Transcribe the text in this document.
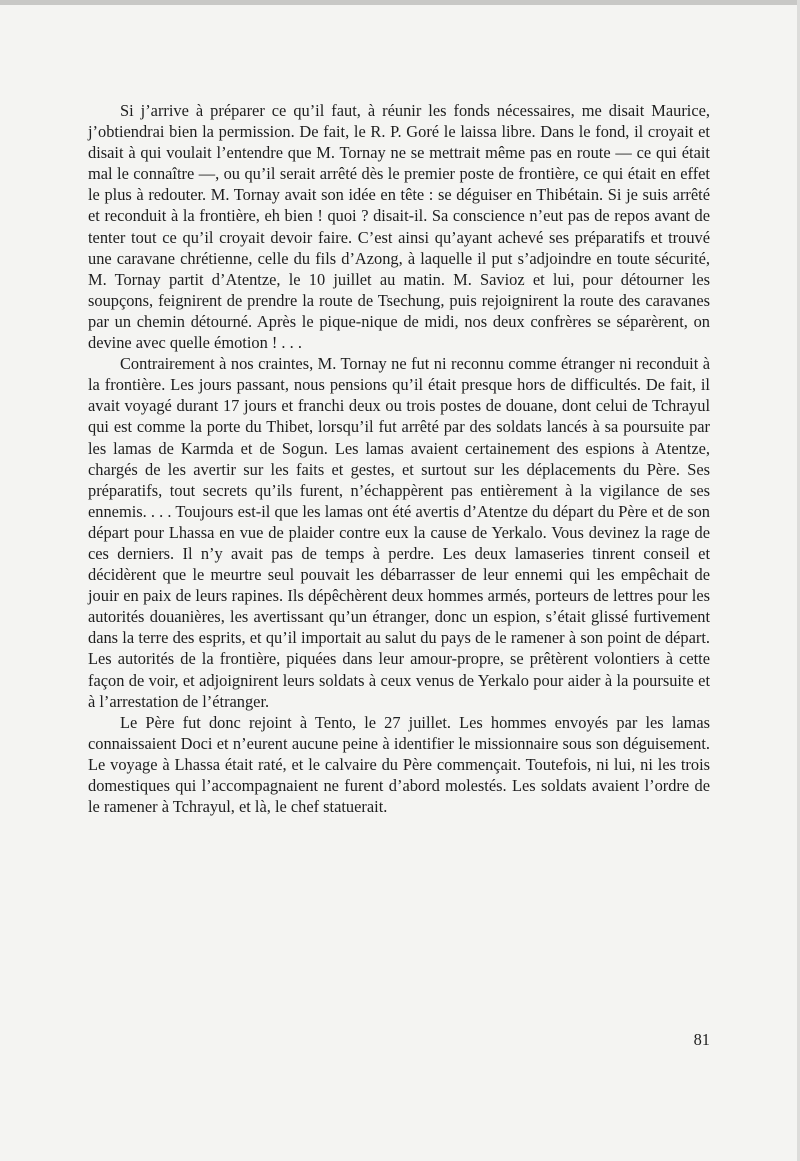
Si j’arrive à préparer ce qu’il faut, à réunir les fonds nécessaires, me disait Maurice, j’obtiendrai bien la permission. De fait, le R. P. Goré le laissa libre. Dans le fond, il croyait et disait à qui voulait l’entendre que M. Tornay ne se mettrait même pas en route — ce qui était mal le connaître —, ou qu’il serait arrêté dès le premier poste de frontière, ce qui était en effet le plus à redouter. M. Tornay avait son idée en tête : se déguiser en Thibétain. Si je suis arrêté et reconduit à la frontière, eh bien ! quoi ? disait-il. Sa conscience n’eut pas de repos avant de tenter tout ce qu’il croyait devoir faire. C’est ainsi qu’ayant achevé ses préparatifs et trouvé une caravane chrétienne, celle du fils d’Azong, à laquelle il put s’adjoindre en toute sécurité, M. Tornay partit d’Atentze, le 10 juillet au matin. M. Savioz et lui, pour détourner les soupçons, feignirent de prendre la route de Tsechung, puis rejoignirent la route des caravanes par un chemin détourné. Après le pique-nique de midi, nos deux confrères se séparèrent, on devine avec quelle émotion ! . . .

Contrairement à nos craintes, M. Tornay ne fut ni reconnu comme étranger ni reconduit à la frontière. Les jours passant, nous pensions qu’il était presque hors de difficultés. De fait, il avait voyagé durant 17 jours et franchi deux ou trois postes de douane, dont celui de Tchrayul qui est comme la porte du Thibet, lorsqu’il fut arrêté par des soldats lancés à sa poursuite par les lamas de Karmda et de Sogun. Les lamas avaient certainement des espions à Atentze, chargés de les avertir sur les faits et gestes, et surtout sur les déplacements du Père. Ses préparatifs, tout secrets qu’ils furent, n’échappèrent pas entièrement à la vigilance de ses ennemis. . . . Toujours est-il que les lamas ont été avertis d’Atentze du départ du Père et de son départ pour Lhassa en vue de plaider contre eux la cause de Yerkalo. Vous devinez la rage de ces derniers. Il n’y avait pas de temps à perdre. Les deux lamaseries tinrent conseil et décidèrent que le meurtre seul pouvait les débarrasser de leur ennemi qui les empêchait de jouir en paix de leurs rapines. Ils dépêchèrent deux hommes armés, porteurs de lettres pour les autorités douanières, les avertissant qu’un étranger, donc un espion, s’était glissé furtivement dans la terre des esprits, et qu’il importait au salut du pays de le ramener à son point de départ. Les autorités de la frontière, piquées dans leur amour-propre, se prêtèrent volontiers à cette façon de voir, et adjoignirent leurs soldats à ceux venus de Yerkalo pour aider à la poursuite et à l’arrestation de l’étranger.

Le Père fut donc rejoint à Tento, le 27 juillet. Les hommes envoyés par les lamas connaissaient Doci et n’eurent aucune peine à identifier le missionnaire sous son déguisement. Le voyage à Lhassa était raté, et le calvaire du Père commençait. Toutefois, ni lui, ni les trois domestiques qui l’accompagnaient ne furent d’abord molestés. Les soldats avaient l’ordre de le ramener à Tchrayul, et là, le chef statuerait.

81
